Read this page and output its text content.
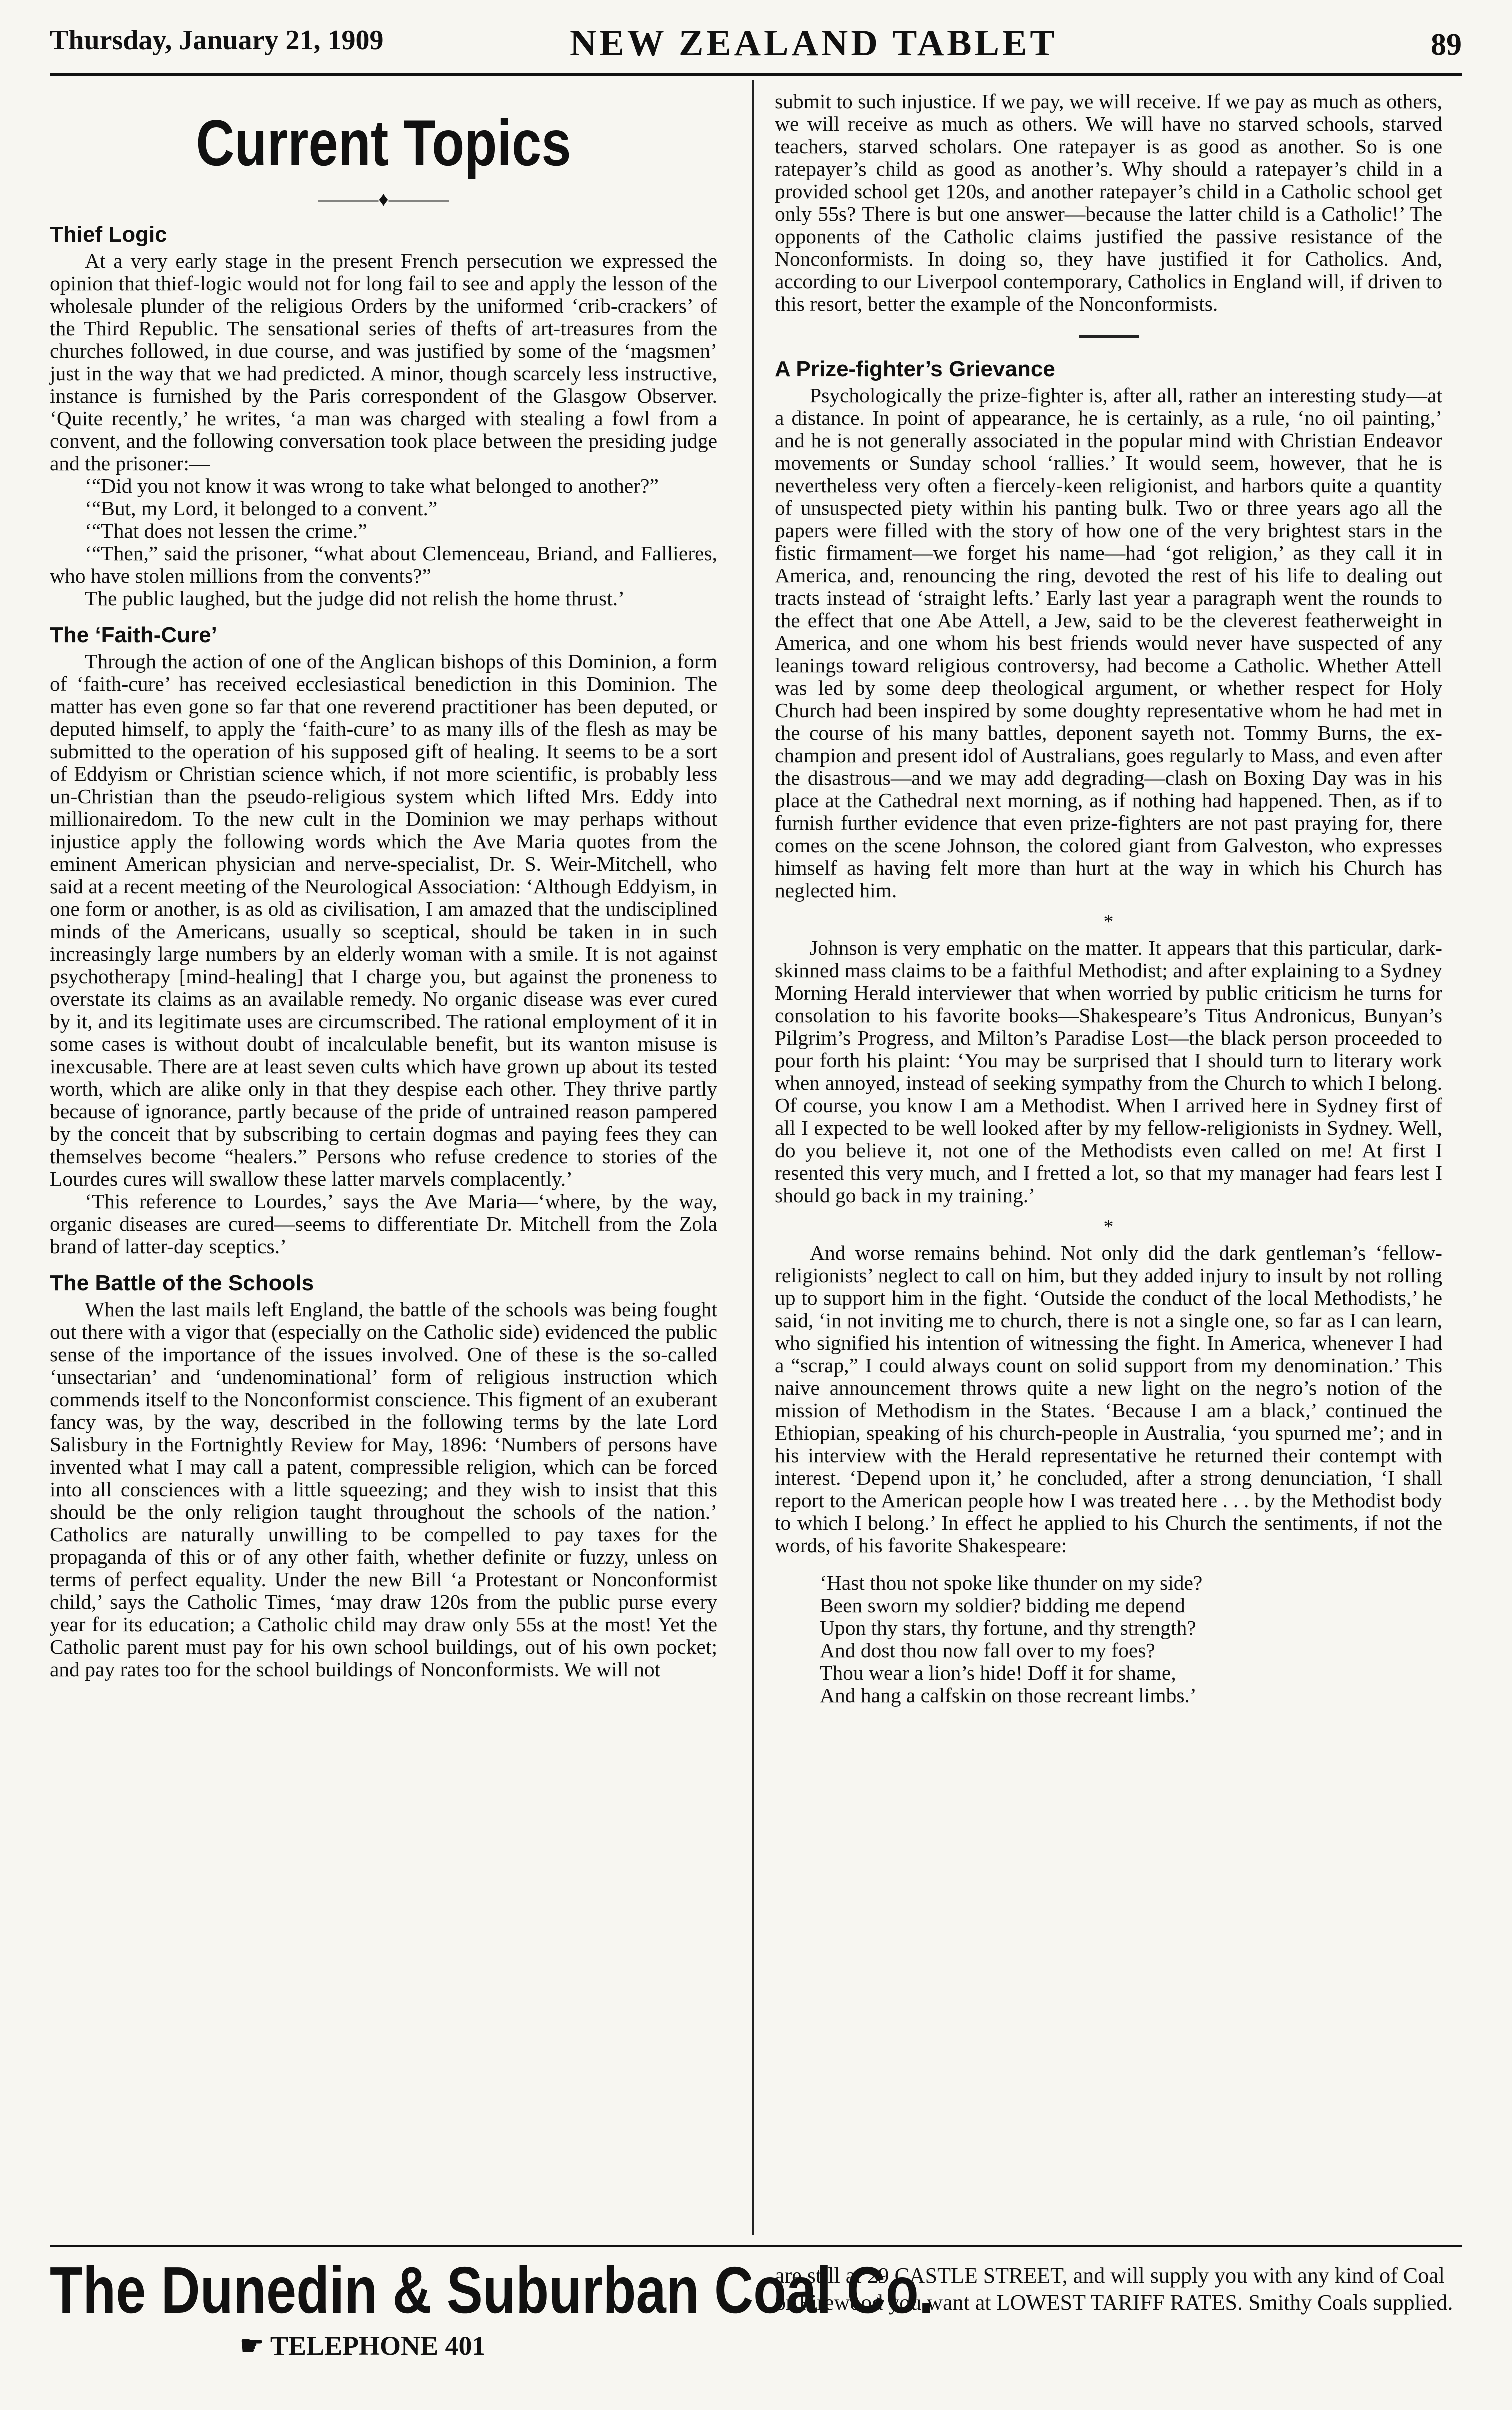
Thursday, January 21, 1909	NEW ZEALAND TABLET	89
Current Topics
———♦———
Thief Logic

At a very early stage in the present French persecution we expressed the opinion that thief-logic would not for long fail to see and apply the lesson of the wholesale plunder of the religious Orders by the uniformed ‘crib-crackers’ of the Third Republic. The sensational series of thefts of art-treasures from the churches followed, in due course, and was justified by some of the ‘magsmen’ just in the way that we had predicted. A minor, though scarcely less instructive, instance is furnished by the Paris correspondent of the Glasgow Observer. ‘Quite recently,’ he writes, ‘a man was charged with stealing a fowl from a convent, and the following conversation took place between the presiding judge and the prisoner:—

‘“Did you not know it was wrong to take what belonged to another?”

‘“But, my Lord, it belonged to a convent.”

‘“That does not lessen the crime.”

‘“Then,” said the prisoner, “what about Clemenceau, Briand, and Fallieres, who have stolen millions from the convents?”

The public laughed, but the judge did not relish the home thrust.’

The ‘Faith-Cure’

Through the action of one of the Anglican bishops of this Dominion, a form of ‘faith-cure’ has received ecclesiastical benediction in this Dominion. The matter has even gone so far that one reverend practitioner has been deputed, or deputed himself, to apply the ‘faith-cure’ to as many ills of the flesh as may be submitted to the operation of his supposed gift of healing. It seems to be a sort of Eddyism or Christian science which, if not more scientific, is probably less un-Christian than the pseudo-religious system which lifted Mrs. Eddy into millionairedom. To the new cult in the Dominion we may perhaps without injustice apply the following words which the Ave Maria quotes from the eminent American physician and nerve-specialist, Dr. S. Weir-Mitchell, who said at a recent meeting of the Neurological Association: ‘Although Eddyism, in one form or another, is as old as civilisation, I am amazed that the undisciplined minds of the Americans, usually so sceptical, should be taken in in such increasingly large numbers by an elderly woman with a smile. It is not against psychotherapy [mind-healing] that I charge you, but against the proneness to overstate its claims as an available remedy. No organic disease was ever cured by it, and its legitimate uses are circumscribed. The rational employment of it in some cases is without doubt of incalculable benefit, but its wanton misuse is inexcusable. There are at least seven cults which have grown up about its tested worth, which are alike only in that they despise each other. They thrive partly because of ignorance, partly because of the pride of untrained reason pampered by the conceit that by subscribing to certain dogmas and paying fees they can themselves become “healers.” Persons who refuse credence to stories of the Lourdes cures will swallow these latter marvels complacently.’

‘This reference to Lourdes,’ says the Ave Maria—‘where, by the way, organic diseases are cured—seems to differentiate Dr. Mitchell from the Zola brand of latter-day sceptics.’

The Battle of the Schools

When the last mails left England, the battle of the schools was being fought out there with a vigor that (especially on the Catholic side) evidenced the public sense of the importance of the issues involved. One of these is the so-called ‘unsectarian’ and ‘undenominational’ form of religious instruction which commends itself to the Nonconformist conscience. This figment of an exuberant fancy was, by the way, described in the following terms by the late Lord Salisbury in the Fortnightly Review for May, 1896: ‘Numbers of persons have invented what I may call a patent, compressible religion, which can be forced into all consciences with a little squeezing; and they wish to insist that this should be the only religion taught throughout the schools of the nation.’ Catholics are naturally unwilling to be compelled to pay taxes for the propaganda of this or of any other faith, whether definite or fuzzy, unless on terms of perfect equality. Under the new Bill ‘a Protestant or Nonconformist child,’ says the Catholic Times, ‘may draw 120s from the public purse every year for its education; a Catholic child may draw only 55s at the most! Yet the Catholic parent must pay for his own school buildings, out of his own pocket; and pay rates too for the school buildings of Nonconformists. We will not

submit to such injustice. If we pay, we will receive. If we pay as much as others, we will receive as much as others. We will have no starved schools, starved teachers, starved scholars. One ratepayer is as good as another. So is one ratepayer’s child as good as another’s. Why should a ratepayer’s child in a provided school get 120s, and another ratepayer’s child in a Catholic school get only 55s? There is but one answer—because the latter child is a Catholic!’ The opponents of the Catholic claims justified the passive resistance of the Nonconformists. In doing so, they have justified it for Catholics. And, according to our Liverpool contemporary, Catholics in England will, if driven to this resort, better the example of the Nonconformists.

A Prize-fighter’s Grievance

Psychologically the prize-fighter is, after all, rather an interesting study—at a distance. In point of appearance, he is certainly, as a rule, ‘no oil painting,’ and he is not generally associated in the popular mind with Christian Endeavor movements or Sunday school ‘rallies.’ It would seem, however, that he is nevertheless very often a fiercely-keen religionist, and harbors quite a quantity of unsuspected piety within his panting bulk. Two or three years ago all the papers were filled with the story of how one of the very brightest stars in the fistic firmament—we forget his name—had ‘got religion,’ as they call it in America, and, renouncing the ring, devoted the rest of his life to dealing out tracts instead of ‘straight lefts.’ Early last year a paragraph went the rounds to the effect that one Abe Attell, a Jew, said to be the cleverest featherweight in America, and one whom his best friends would never have suspected of any leanings toward religious controversy, had become a Catholic. Whether Attell was led by some deep theological argument, or whether respect for Holy Church had been inspired by some doughty representative whom he had met in the course of his many battles, deponent sayeth not. Tommy Burns, the ex-champion and present idol of Australians, goes regularly to Mass, and even after the disastrous—and we may add degrading—clash on Boxing Day was in his place at the Cathedral next morning, as if nothing had happened. Then, as if to furnish further evidence that even prize-fighters are not past praying for, there comes on the scene Johnson, the colored giant from Galveston, who expresses himself as having felt more than hurt at the way in which his Church has neglected him.

*

Johnson is very emphatic on the matter. It appears that this particular, dark-skinned mass claims to be a faithful Methodist; and after explaining to a Sydney Morning Herald interviewer that when worried by public criticism he turns for consolation to his favorite books—Shakespeare’s Titus Andronicus, Bunyan’s Pilgrim’s Progress, and Milton’s Paradise Lost—the black person proceeded to pour forth his plaint: ‘You may be surprised that I should turn to literary work when annoyed, instead of seeking sympathy from the Church to which I belong. Of course, you know I am a Methodist. When I arrived here in Sydney first of all I expected to be well looked after by my fellow-religionists in Sydney. Well, do you believe it, not one of the Methodists even called on me! At first I resented this very much, and I fretted a lot, so that my manager had fears lest I should go back in my training.’

*

And worse remains behind. Not only did the dark gentleman’s ‘fellow-religionists’ neglect to call on him, but they added injury to insult by not rolling up to support him in the fight. ‘Outside the conduct of the local Methodists,’ he said, ‘in not inviting me to church, there is not a single one, so far as I can learn, who signified his intention of witnessing the fight. In America, whenever I had a “scrap,” I could always count on solid support from my denomination.’ This naive announcement throws quite a new light on the negro’s notion of the mission of Methodism in the States. ‘Because I am a black,’ continued the Ethiopian, speaking of his church-people in Australia, ‘you spurned me’; and in his interview with the Herald representative he returned their contempt with interest. ‘Depend upon it,’ he concluded, after a strong denunciation, ‘I shall report to the American people how I was treated here . . . by the Methodist body to which I belong.’ In effect he applied to his Church the sentiments, if not the words, of his favorite Shakespeare:

‘Hast thou not spoke like thunder on my side?
Been sworn my soldier? bidding me depend
Upon thy stars, thy fortune, and thy strength?
And dost thou now fall over to my foes?
Thou wear a lion’s hide! Doff it for shame,
And hang a calfskin on those recreant limbs.’
The Dunedin & Suburban Coal Co.
☛ TELEPHONE 401
are still at 29 CASTLE STREET, and will supply you with any kind of Coal or Firewood you want at LOWEST TARIFF RATES. Smithy Coals supplied.
